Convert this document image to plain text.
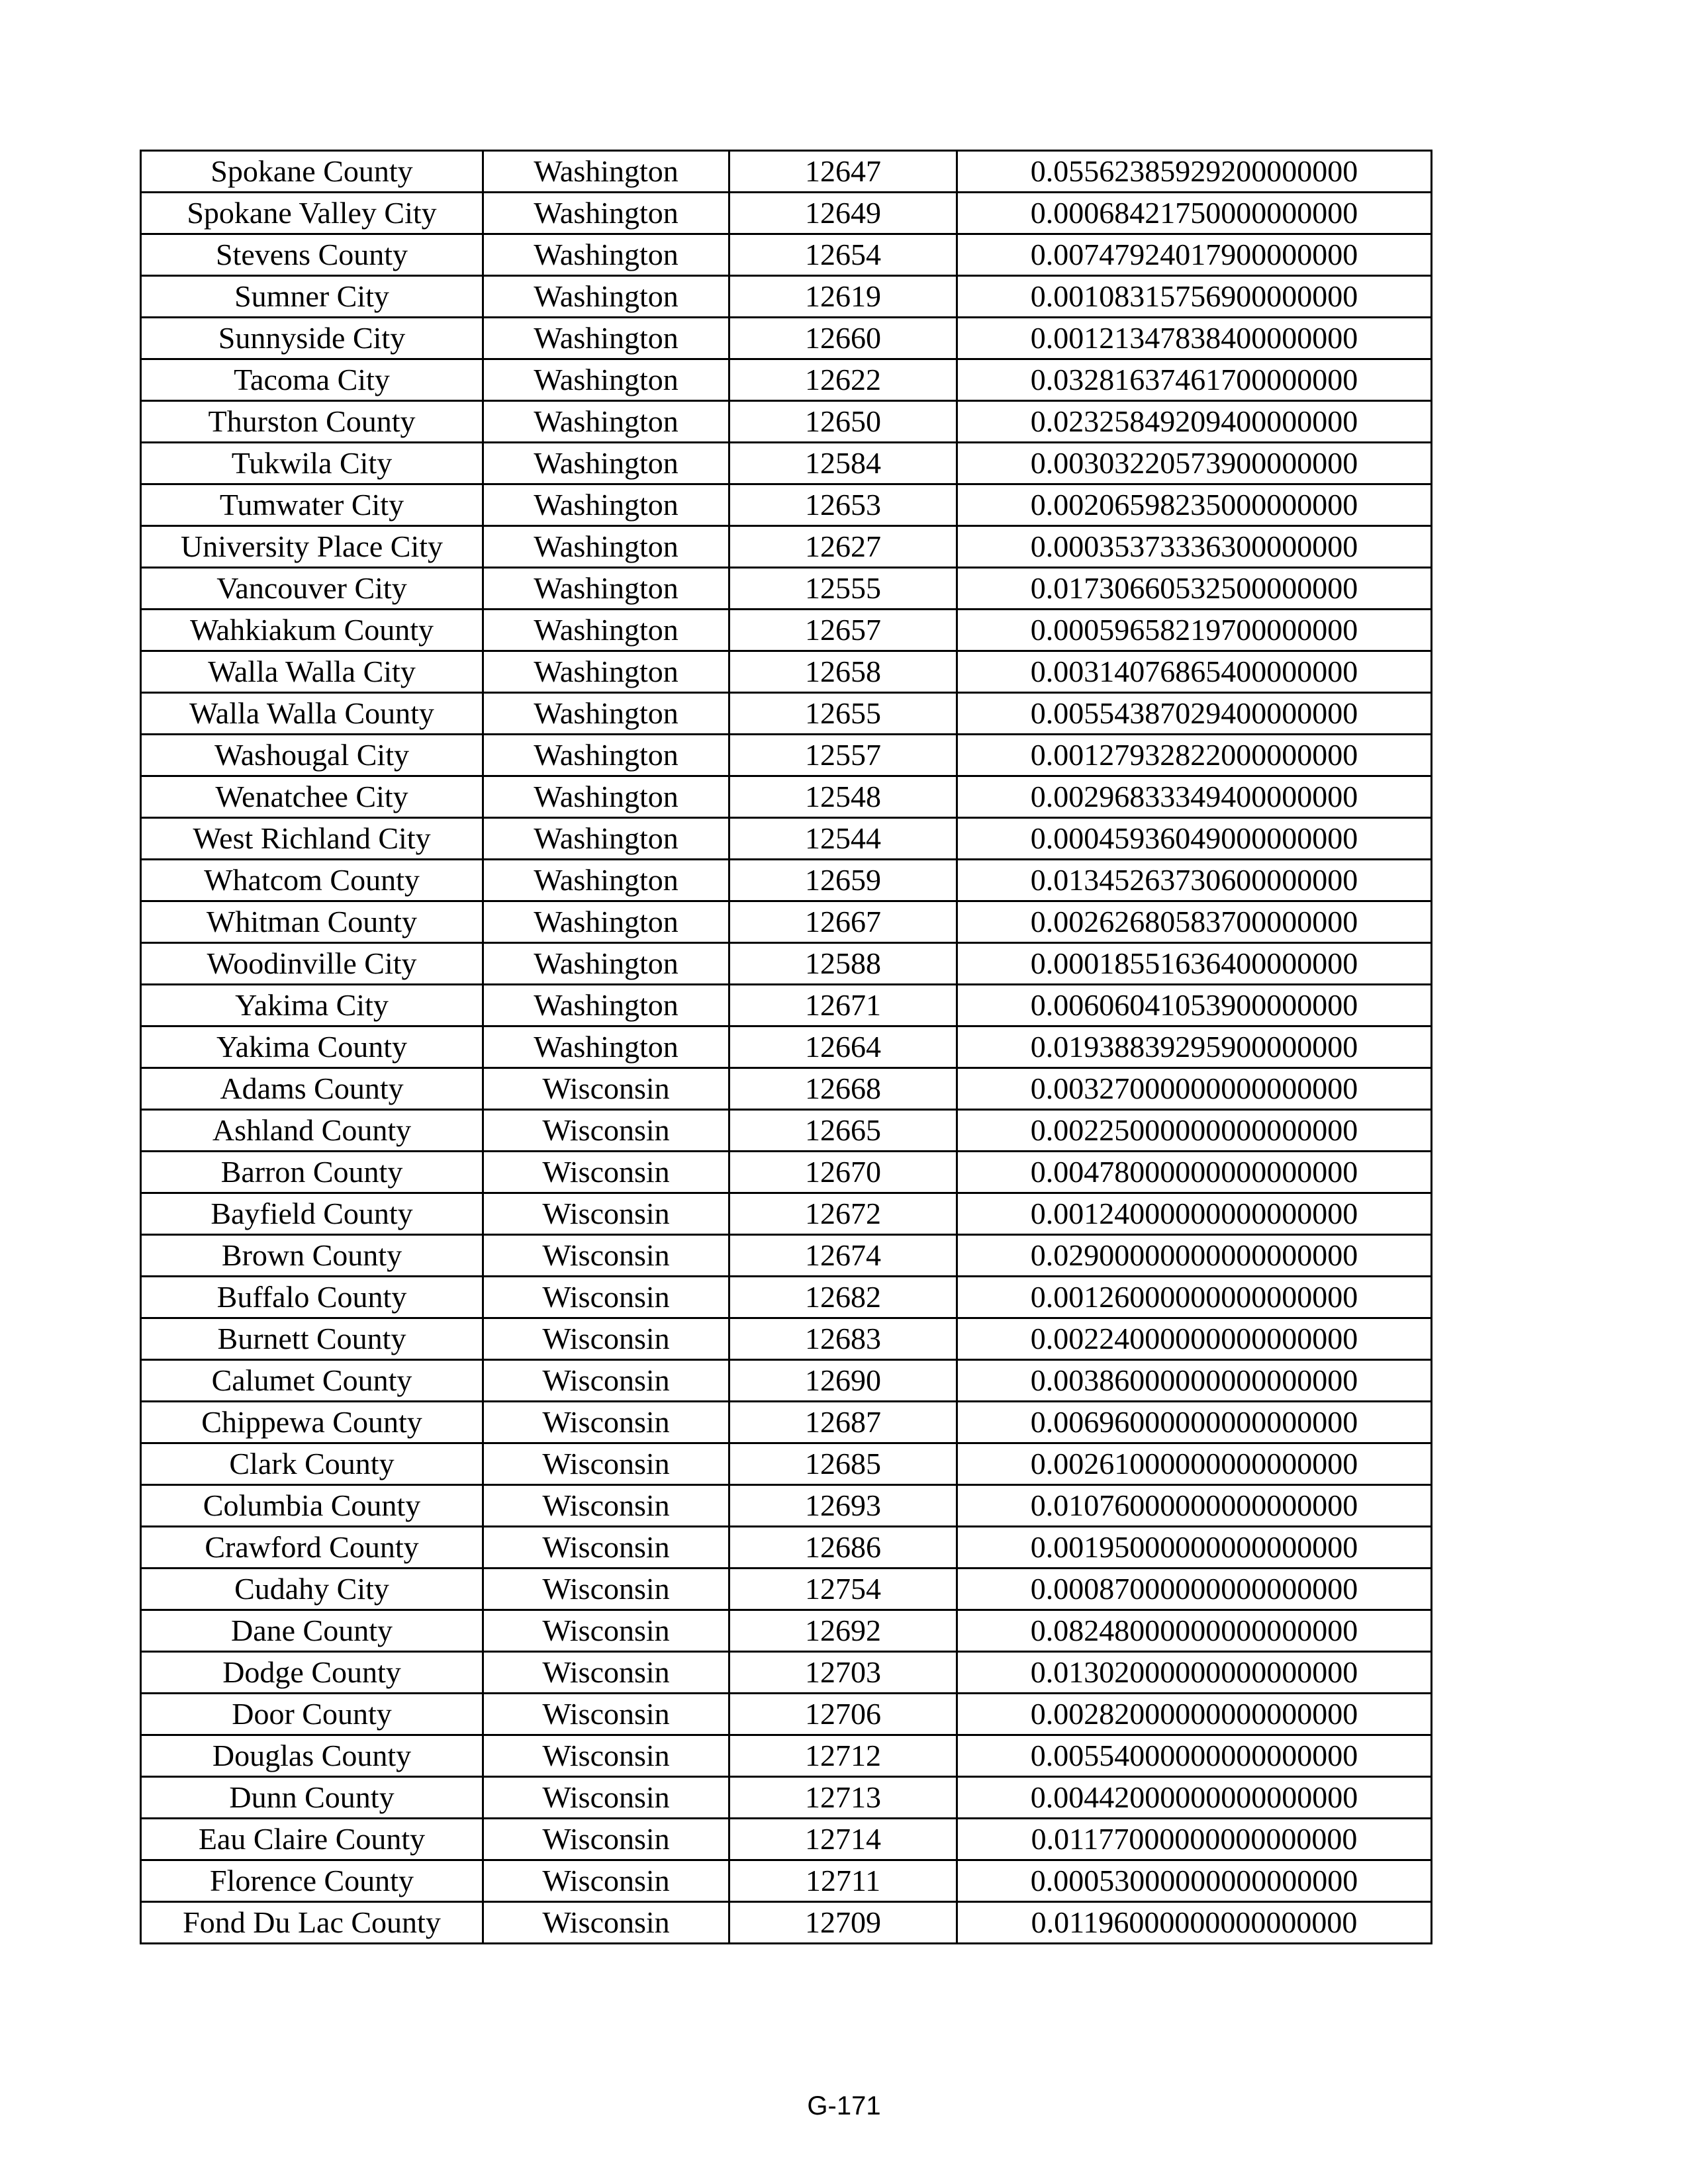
Spokane County	Washington	12647	0.05562385929200000000
Spokane Valley City	Washington	12649	0.00068421750000000000
Stevens County	Washington	12654	0.00747924017900000000
Sumner City	Washington	12619	0.00108315756900000000
Sunnyside City	Washington	12660	0.00121347838400000000
Tacoma City	Washington	12622	0.03281637461700000000
Thurston County	Washington	12650	0.02325849209400000000
Tukwila City	Washington	12584	0.00303220573900000000
Tumwater City	Washington	12653	0.00206598235000000000
University Place City	Washington	12627	0.00035373336300000000
Vancouver City	Washington	12555	0.01730660532500000000
Wahkiakum County	Washington	12657	0.00059658219700000000
Walla Walla City	Washington	12658	0.00314076865400000000
Walla Walla County	Washington	12655	0.00554387029400000000
Washougal City	Washington	12557	0.00127932822000000000
Wenatchee City	Washington	12548	0.00296833349400000000
West Richland City	Washington	12544	0.00045936049000000000
Whatcom County	Washington	12659	0.01345263730600000000
Whitman County	Washington	12667	0.00262680583700000000
Woodinville City	Washington	12588	0.00018551636400000000
Yakima City	Washington	12671	0.00606041053900000000
Yakima County	Washington	12664	0.01938839295900000000
Adams County	Wisconsin	12668	0.00327000000000000000
Ashland County	Wisconsin	12665	0.00225000000000000000
Barron County	Wisconsin	12670	0.00478000000000000000
Bayfield County	Wisconsin	12672	0.00124000000000000000
Brown County	Wisconsin	12674	0.02900000000000000000
Buffalo County	Wisconsin	12682	0.00126000000000000000
Burnett County	Wisconsin	12683	0.00224000000000000000
Calumet County	Wisconsin	12690	0.00386000000000000000
Chippewa County	Wisconsin	12687	0.00696000000000000000
Clark County	Wisconsin	12685	0.00261000000000000000
Columbia County	Wisconsin	12693	0.01076000000000000000
Crawford County	Wisconsin	12686	0.00195000000000000000
Cudahy City	Wisconsin	12754	0.00087000000000000000
Dane County	Wisconsin	12692	0.08248000000000000000
Dodge County	Wisconsin	12703	0.01302000000000000000
Door County	Wisconsin	12706	0.00282000000000000000
Douglas County	Wisconsin	12712	0.00554000000000000000
Dunn County	Wisconsin	12713	0.00442000000000000000
Eau Claire County	Wisconsin	12714	0.01177000000000000000
Florence County	Wisconsin	12711	0.00053000000000000000
Fond Du Lac County	Wisconsin	12709	0.01196000000000000000
G-171
